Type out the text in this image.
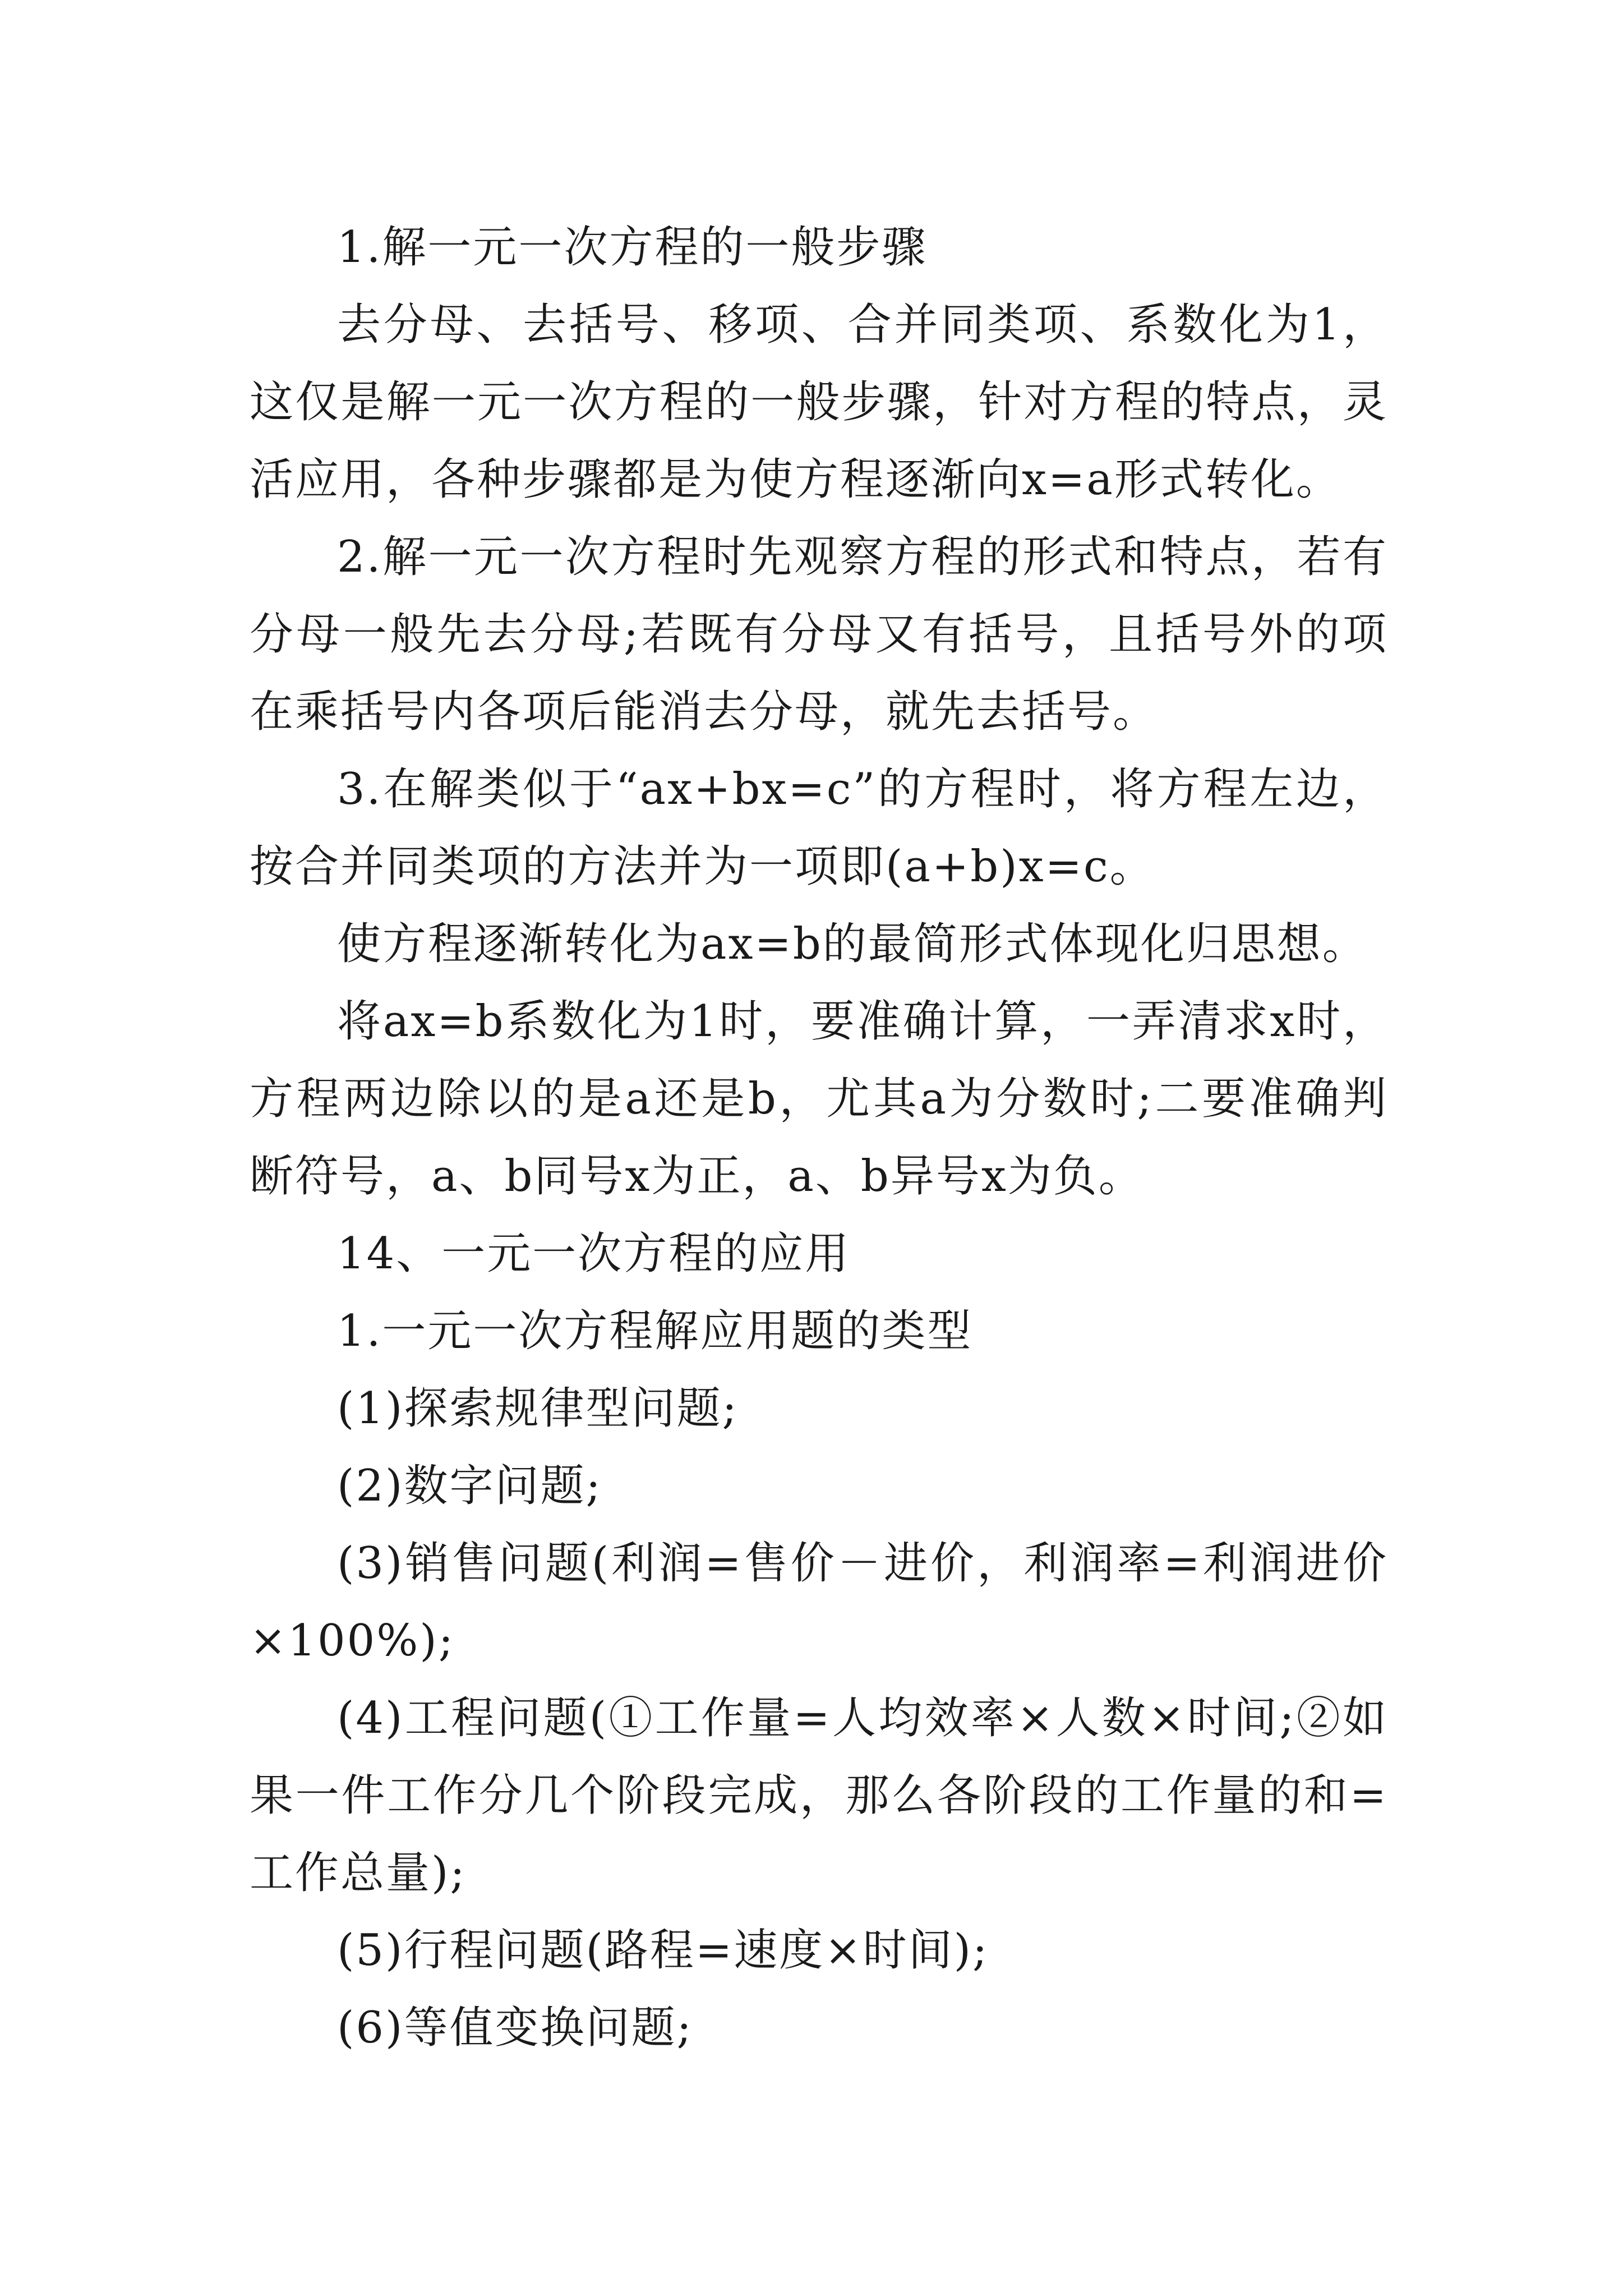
1.解一元一次方程的一般步骤

去分母、去括号、移项、合并同类项、系数化为1，这仅是解一元一次方程的一般步骤，针对方程的特点，灵活应用，各种步骤都是为使方程逐渐向x=a形式转化。

2.解一元一次方程时先观察方程的形式和特点，若有分母一般先去分母;若既有分母又有括号，且括号外的项在乘括号内各项后能消去分母，就先去括号。

3.在解类似于“ax+bx=c”的方程时，将方程左边，按合并同类项的方法并为一项即(a+b)x=c。

使方程逐渐转化为ax=b的最简形式体现化归思想。

将ax=b系数化为1时，要准确计算，一弄清求x时，方程两边除以的是a还是b，尤其a为分数时;二要准确判断符号，a、b同号x为正，a、b异号x为负。

14、一元一次方程的应用

1.一元一次方程解应用题的类型

(1)探索规律型问题;

(2)数字问题;

(3)销售问题(利润=售价－进价，利润率=利润进价×100%);

(4)工程问题(①工作量=人均效率×人数×时间;②如果一件工作分几个阶段完成，那么各阶段的工作量的和=工作总量);

(5)行程问题(路程=速度×时间);

(6)等值变换问题;
